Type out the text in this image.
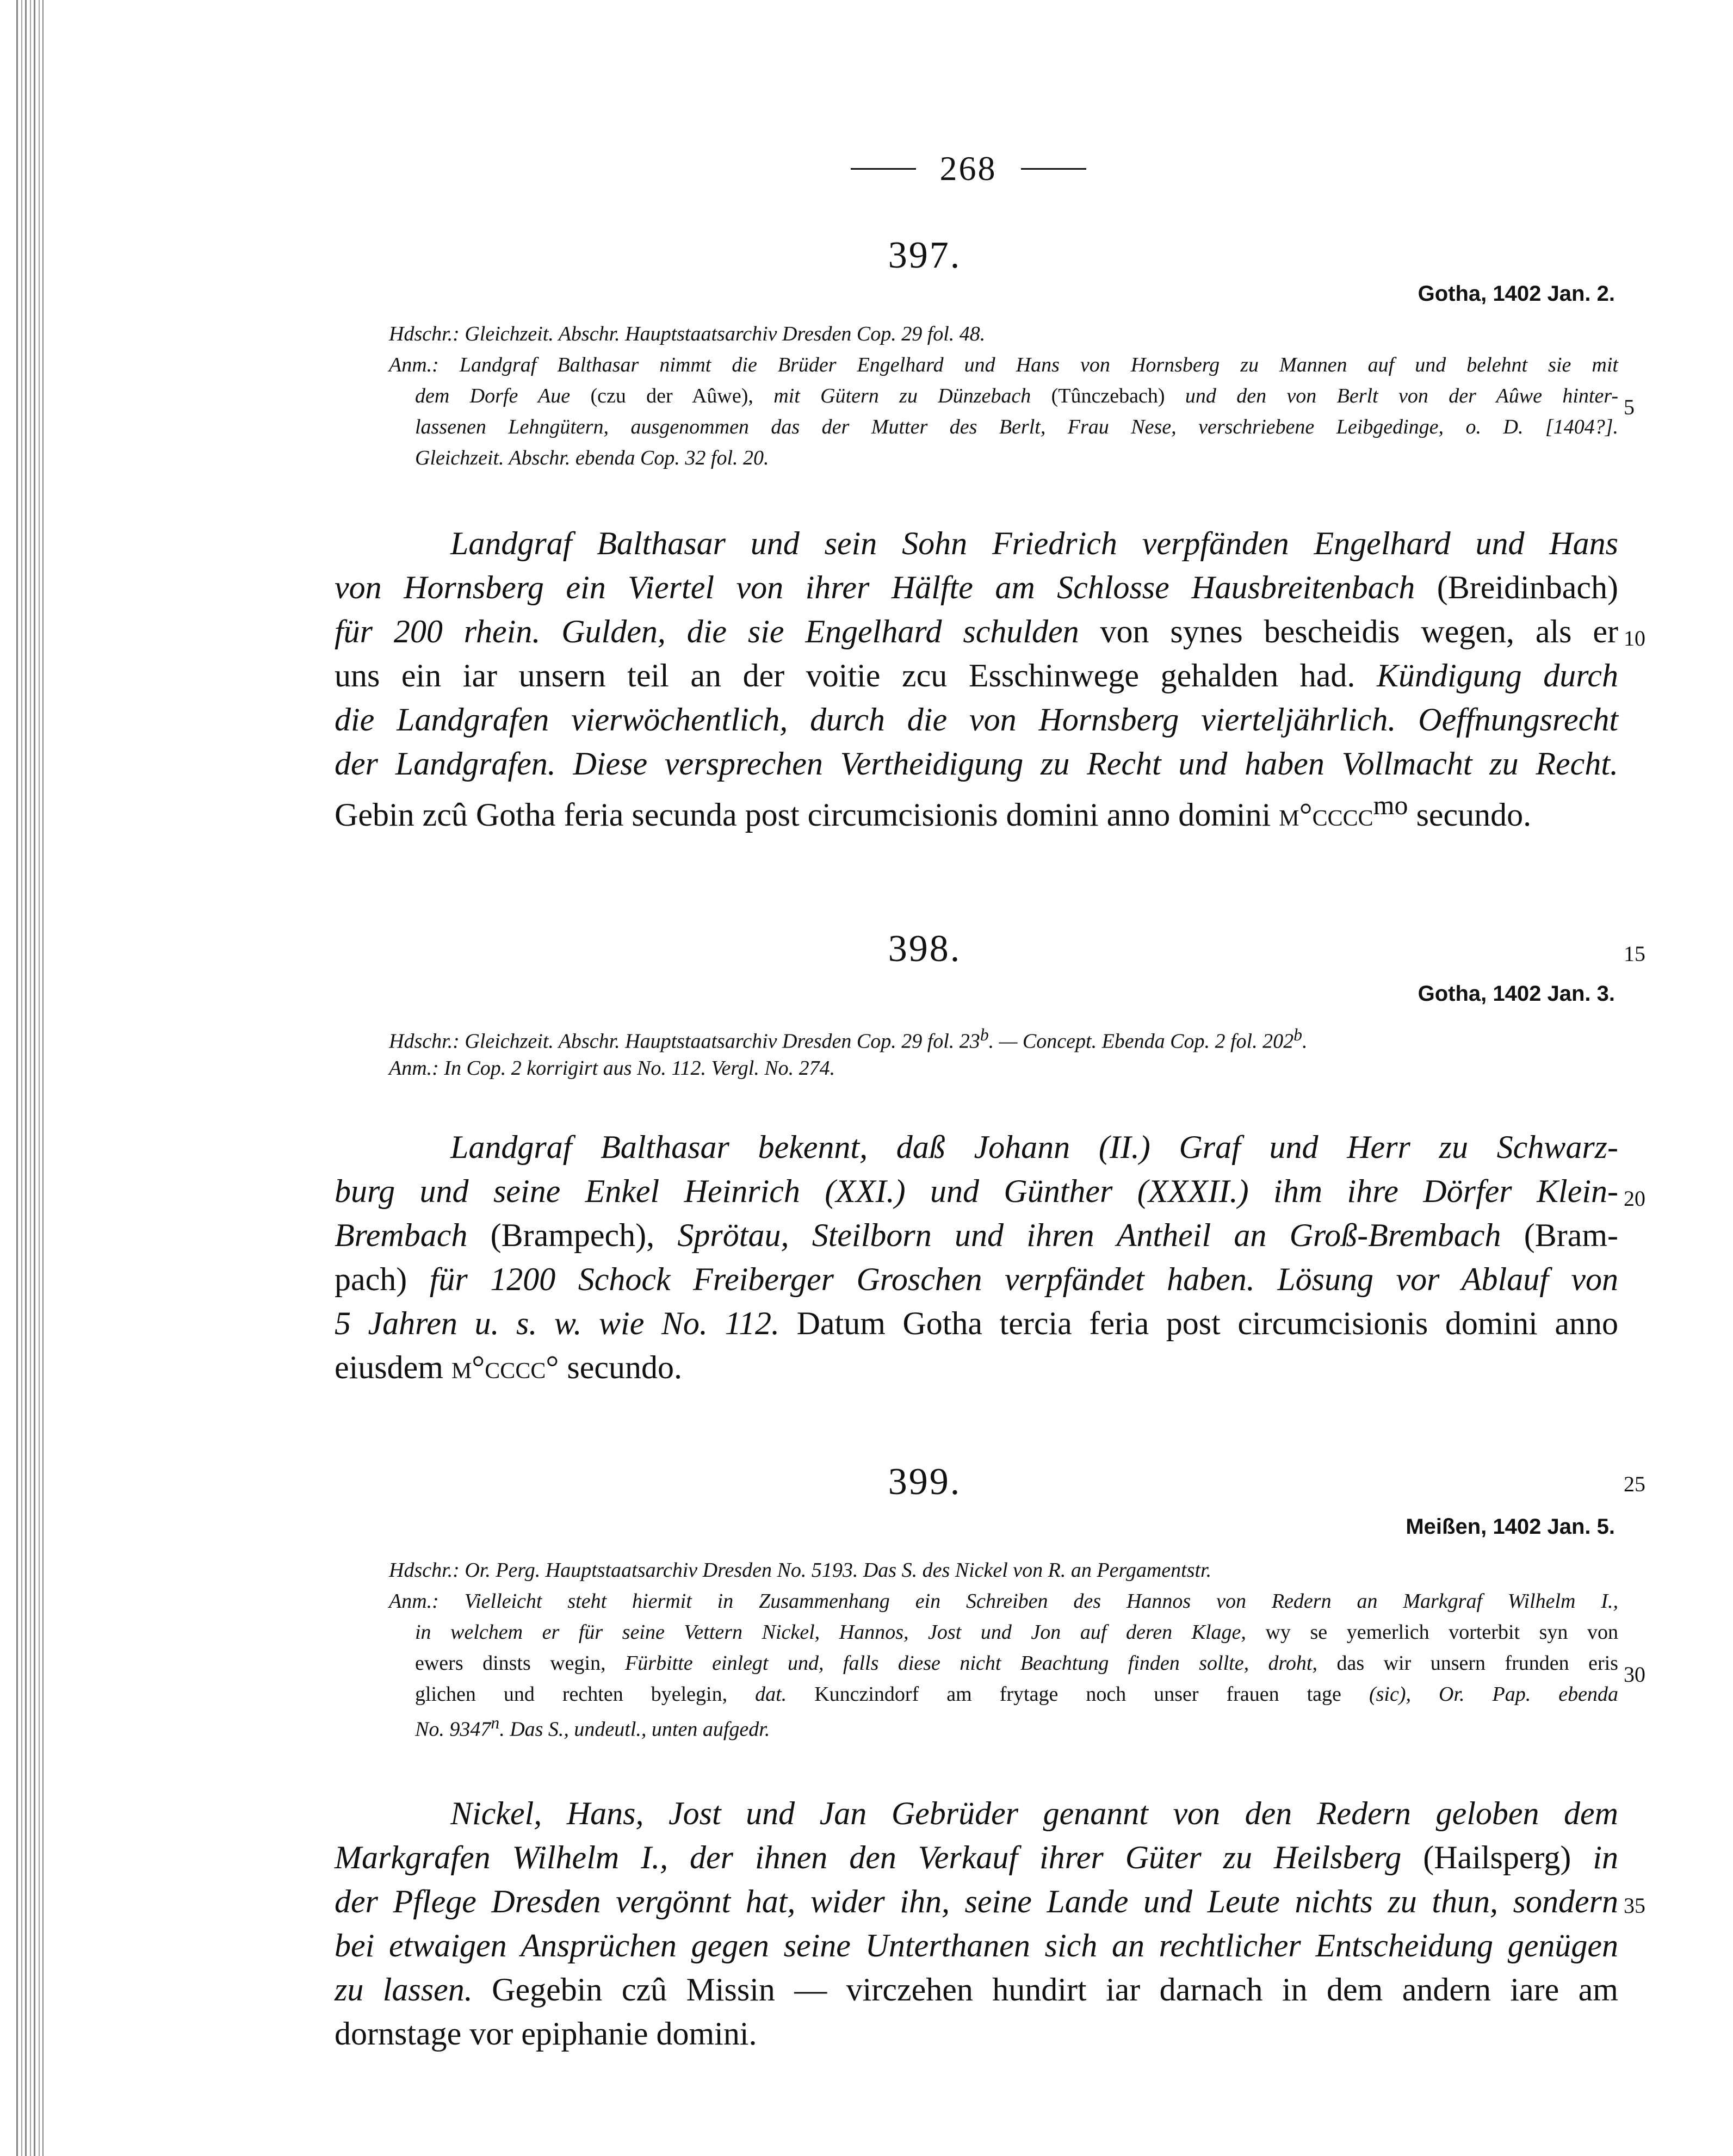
268
397.
Gotha, 1402 Jan. 2.
Hdschr.: Gleichzeit. Abschr. Hauptstaatsarchiv Dresden Cop. 29 fol. 48.
Anm.: Landgraf Balthasar nimmt die Brüder Engelhard und Hans von Hornsberg zu Mannen auf und belehnt sie mit
dem Dorfe Aue (czu der Aûwe), mit Gütern zu Dünzebach (Tûnczebach) und den von Berlt von der Aûwe hinter-
lassenen Lehngütern, ausgenommen das der Mutter des Berlt, Frau Nese, verschriebene Leibgedinge, o. D. [1404?].
Gleichzeit. Abschr. ebenda Cop. 32 fol. 20.
Landgraf Balthasar und sein Sohn Friedrich verpfänden Engelhard und Hans
von Hornsberg ein Viertel von ihrer Hälfte am Schlosse Hausbreitenbach (Breidinbach)
für 200 rhein. Gulden, die sie Engelhard schulden von synes bescheidis wegen, als er
uns ein iar unsern teil an der voitie zcu Esschinwege gehalden had. Kündigung durch
die Landgrafen vierwöchentlich, durch die von Hornsberg vierteljährlich. Oeffnungsrecht
der Landgrafen. Diese versprechen Vertheidigung zu Recht und haben Vollmacht zu Recht.
Gebin zcû Gotha feria secunda post circumcisionis domini anno domini m°cccc$^{mo}$ secundo.
398.
Gotha, 1402 Jan. 3.
Hdschr.: Gleichzeit. Abschr. Hauptstaatsarchiv Dresden Cop. 29 fol. 23$^b$. — Concept. Ebenda Cop. 2 fol. 202$^b$.
Anm.: In Cop. 2 korrigirt aus No. 112. Vergl. No. 274.
Landgraf Balthasar bekennt, daß Johann (II.) Graf und Herr zu Schwarz-
burg und seine Enkel Heinrich (XXI.) und Günther (XXXII.) ihm ihre Dörfer Klein-
Brembach (Brampech), Sprötau, Steilborn und ihren Antheil an Groß-Brembach (Bram-
pach) für 1200 Schock Freiberger Groschen verpfändet haben. Lösung vor Ablauf von
5 Jahren u. s. w. wie No. 112. Datum Gotha tercia feria post circumcisionis domini anno
eiusdem m°cccc° secundo.
399.
Meißen, 1402 Jan. 5.
Hdschr.: Or. Perg. Hauptstaatsarchiv Dresden No. 5193. Das S. des Nickel von R. an Pergamentstr.
Anm.: Vielleicht steht hiermit in Zusammenhang ein Schreiben des Hannos von Redern an Markgraf Wilhelm I.,
in welchem er für seine Vettern Nickel, Hannos, Jost und Jon auf deren Klage, wy se yemerlich vorterbit syn von
ewers dinsts wegin, Fürbitte einlegt und, falls diese nicht Beachtung finden sollte, droht, das wir unsern frunden eris
glichen und rechten byelegin, dat. Kunczindorf am frytage noch unser frauen tage (sic), Or. Pap. ebenda
No. 9347$^n$. Das S., undeutl., unten aufgedr.
Nickel, Hans, Jost und Jan Gebrüder genannt von den Redern geloben dem
Markgrafen Wilhelm I., der ihnen den Verkauf ihrer Güter zu Heilsberg (Hailsperg) in
der Pflege Dresden vergönnt hat, wider ihn, seine Lande und Leute nichts zu thun, sondern
bei etwaigen Ansprüchen gegen seine Unterthanen sich an rechtlicher Entscheidung genügen
zu lassen. Gegebin czû Missin — virczehen hundirt iar darnach in dem andern iare am
dornstage vor epiphanie domini.
5
10
15
20
25
30
35
